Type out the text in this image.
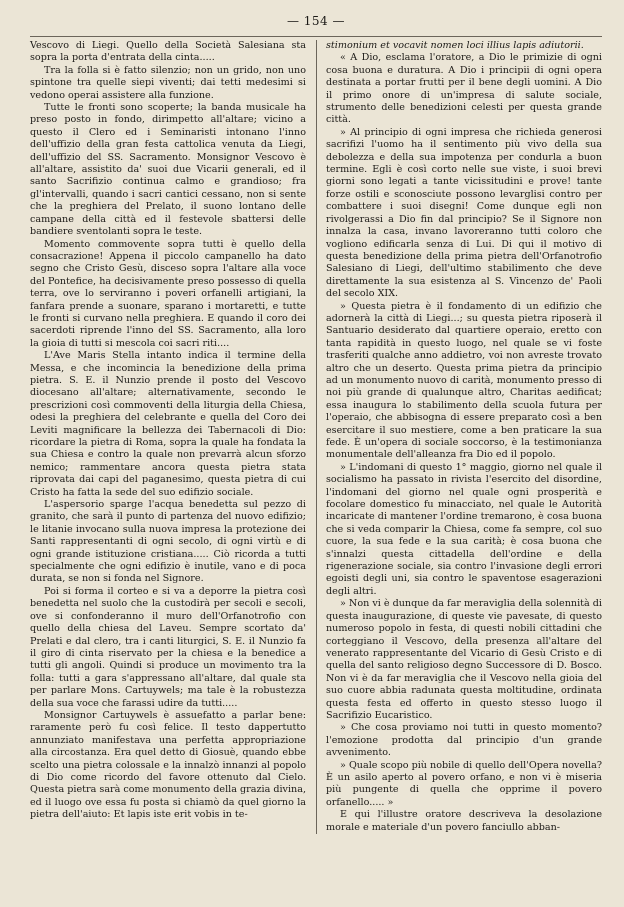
— 154 —

Vescovo di Liegi. Quello della Società Salesiana sta sopra la porta d'entrata della cinta.....

Tra la folla si è fatto silenzio; non un grido, non uno spintone tra quelle siepi viventi; dai tetti medesimi si vedono operai assistere alla funzione.

Tutte le fronti sono scoperte; la banda musicale ha preso posto in fondo, dirimpetto all'altare; vicino a questo il Clero ed i Seminaristi intonano l'inno dell'uffizio della gran festa cattolica venuta da Liegi, dell'uffizio del SS. Sacramento. Monsignor Vescovo è all'altare, assistito da' suoi due Vicarii generali, ed il santo Sacrifizio continua calmo e grandioso; fra gl'intervalli, quando i sacri cantici cessano, non si sente che la preghiera del Prelato, il suono lontano delle campane della città ed il festevole sbattersi delle bandiere sventolanti sopra le teste.

Momento commovente sopra tutti è quello della consacrazione! Appena il piccolo campanello ha dato segno che Cristo Gesù, disceso sopra l'altare alla voce del Pontefice, ha decisivamente preso possesso di quella terra, ove lo serviranno i poveri orfanelli artigiani, la fanfara prende a suonare, sparano i mortaretti, e tutte le fronti si curvano nella preghiera. E quando il coro dei sacerdoti riprende l'inno del SS. Sacramento, alla loro la gioia di tutti si mescola coi sacri riti....

L'Ave Maris Stella intanto indica il termine della Messa, e che incomincia la benedizione della prima pietra. S. E. il Nunzio prende il posto del Vescovo diocesano all'altare; alternativamente, secondo le prescrizioni così commoventi della liturgia della Chiesa, odesi la preghiera del celebrante e quella del Coro dei Leviti magnificare la bellezza dei Tabernacoli di Dio: ricordare la pietra di Roma, sopra la quale ha fondata la sua Chiesa e contro la quale non prevarrà alcun sforzo nemico; rammentare ancora questa pietra stata riprovata dai capi del paganesimo, questa pietra di cui Cristo ha fatta la sede del suo edifizio sociale.

L'aspersorio sparge l'acqua benedetta sul pezzo di granito, che sarà il punto di partenza del nuovo edifizio; le litanie invocano sulla nuova impresa la protezione dei Santi rappresentanti di ogni secolo, di ogni virtù e di ogni grande istituzione cristiana..... Ciò ricorda a tutti specialmente che ogni edifizio è inutile, vano e di poca durata, se non si fonda nel Signore.

Poi si forma il corteo e si va a deporre la pietra così benedetta nel suolo che la custodirà per secoli e secoli, ove si confonderanno il muro dell'Orfanotrofio con quello della chiesa del Laveu. Sempre scortato da' Prelati e dal clero, tra i canti liturgici, S. E. il Nunzio fa il giro di cinta riservato per la chiesa e la benedice a tutti gli angoli. Quindi si produce un movimento tra la folla: tutti a gara s'appressano all'altare, dal quale sta per parlare Mons. Cartuywels; ma tale è la robustezza della sua voce che farassi udire da tutti.....

Monsignor Cartuywels è assuefatto a parlar bene: raramente però fu così felice. Il testo dappertutto annunziato manifestava una perfetta appropriazione alla circostanza. Era quel detto di Giosuè, quando ebbe scelto una pietra colossale e la innalzò innanzi al popolo di Dio come ricordo del favore ottenuto dal Cielo. Questa pietra sarà come monumento della grazia divina, ed il luogo ove essa fu posta si chiamò da quel giorno la pietra dell'aiuto: Et lapis iste erit vobis in te-

stimonium et vocavit nomen loci illius lapis adiutorii.

« A Dio, esclama l'oratore, a Dio le primizie di ogni cosa buona e duratura. A Dio i principii di ogni opera destinata a portar frutti per il bene degli uomini. A Dio il primo onore di un'impresa di salute sociale, strumento delle benedizioni celesti per questa grande città.

» Al principio di ogni impresa che richieda generosi sacrifizi l'uomo ha il sentimento più vivo della sua debolezza e della sua impotenza per condurla a buon termine. Egli è così corto nelle sue viste, i suoi brevi giorni sono legati a tante vicissitudini e prove! tante forze ostili e sconosciute possono levarglisi contro per combattere i suoi disegni! Come dunque egli non rivolgerassi a Dio fin dal principio? Se il Signore non innalza la casa, invano lavoreranno tutti coloro che vogliono edificarla senza di Lui. Di qui il motivo di questa benedizione della prima pietra dell'Orfanotrofio Salesiano di Liegi, dell'ultimo stabilimento che deve direttamente la sua esistenza al S. Vincenzo de' Paoli del secolo XIX.

» Questa pietra è il fondamento di un edifizio che adornerà la città di Liegi...; su questa pietra riposerà il Santuario desiderato dal quartiere operaio, eretto con tanta rapidità in questo luogo, nel quale se vi foste trasferiti qualche anno addietro, voi non avreste trovato altro che un deserto. Questa prima pietra da principio ad un monumento nuovo di carità, monumento presso di noi più grande di qualunque altro, Charitas aedificat; essa inaugura lo stabilimento della scuola futura per l'operaio, che abbisogna di essere preparato così a ben esercitare il suo mestiere, come a ben praticare la sua fede. È un'opera di sociale soccorso, è la testimonianza monumentale dell'alleanza fra Dio ed il popolo.

» L'indomani di questo 1° maggio, giorno nel quale il socialismo ha passato in rivista l'esercito del disordine, l'indomani del giorno nel quale ogni prosperità e focolare domestico fu minacciato, nel quale le Autorità incaricate di mantener l'ordine tremarono, è cosa buona che si veda comparir la Chiesa, come fa sempre, col suo cuore, la sua fede e la sua carità; è cosa buona che s'innalzi questa cittadella dell'ordine e della rigenerazione sociale, sia contro l'invasione degli errori egoisti degli uni, sia contro le spaventose esagerazioni degli altri.

» Non vi è dunque da far meraviglia della solennità di questa inaugurazione, di queste vie pavesate, di questo numeroso popolo in festa, di questi nobili cittadini che corteggiano il Vescovo, della presenza all'altare del venerato rappresentante del Vicario di Gesù Cristo e di quella del santo religioso degno Successore di D. Bosco. Non vi è da far meraviglia che il Vescovo nella gioia del suo cuore abbia radunata questa moltitudine, ordinata questa festa ed offerto in questo stesso luogo il Sacrifizio Eucaristico.

» Che cosa proviamo noi tutti in questo momento? l'emozione prodotta dal principio d'un grande avvenimento.

» Quale scopo più nobile di quello dell'Opera novella? È un asilo aperto al povero orfano, e non vi è miseria più pungente di quella che opprime il povero orfanello..... »

E qui l'illustre oratore descriveva la desolazione morale e materiale d'un povero fanciullo abban-
